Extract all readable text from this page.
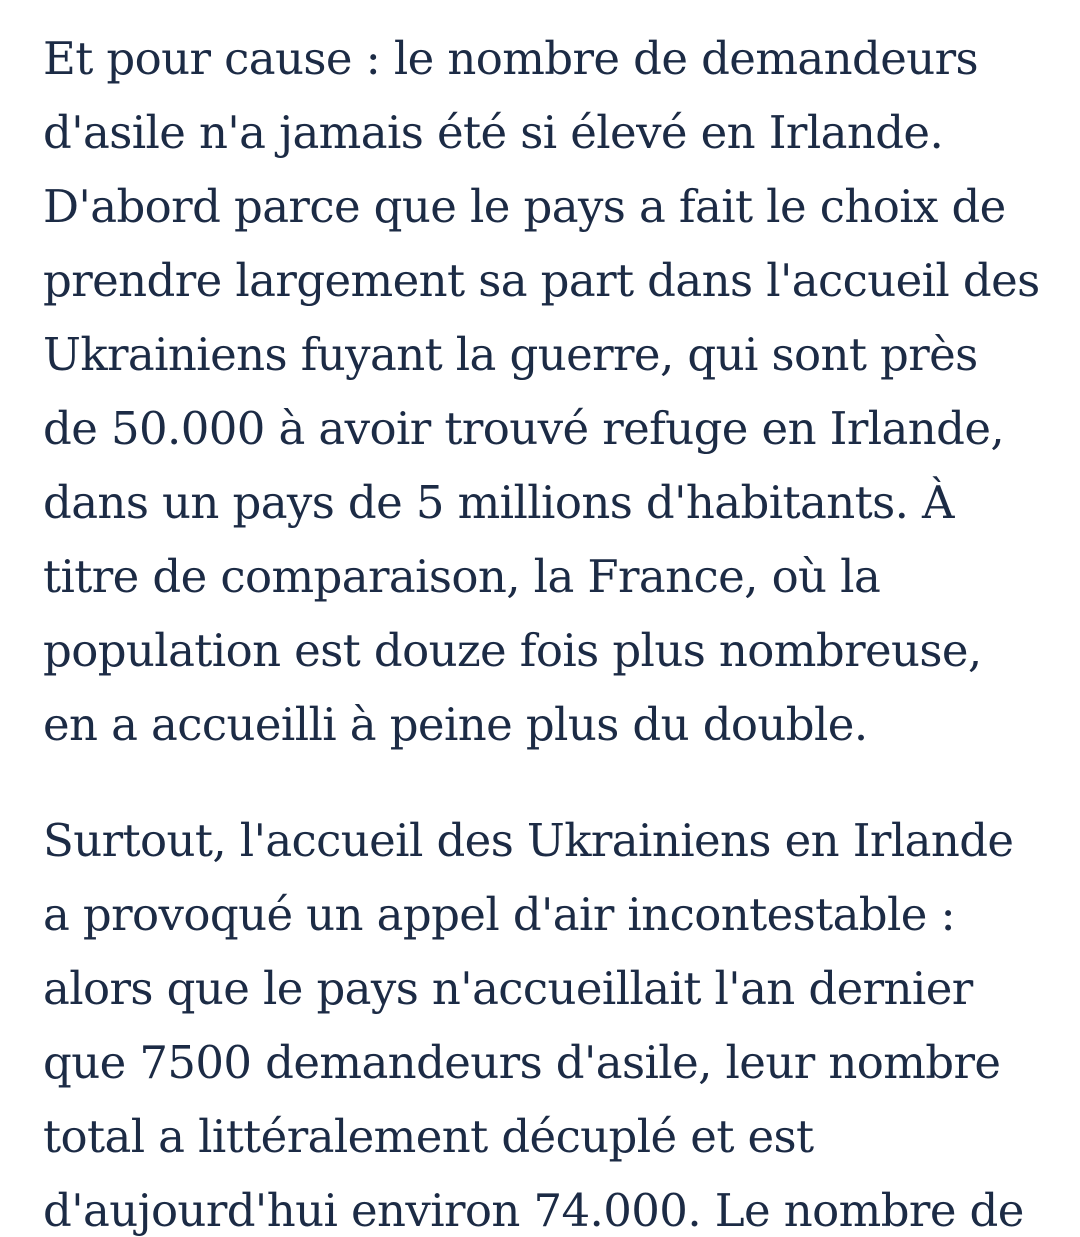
Et pour cause : le nombre de demandeurs
d'asile n'a jamais été si élevé en Irlande.
D'abord parce que le pays a fait le choix de
prendre largement sa part dans l'accueil des
Ukrainiens fuyant la guerre, qui sont près
de 50.000 à avoir trouvé refuge en Irlande,
dans un pays de 5 millions d'habitants. À
titre de comparaison, la France, où la
population est douze fois plus nombreuse,
en a accueilli à peine plus du double.

Surtout, l'accueil des Ukrainiens en Irlande
a provoqué un appel d'air incontestable :
alors que le pays n'accueillait l'an dernier
que 7500 demandeurs d'asile, leur nombre
total a littéralement décuplé et est
d'aujourd'hui environ 74.000. Le nombre de
